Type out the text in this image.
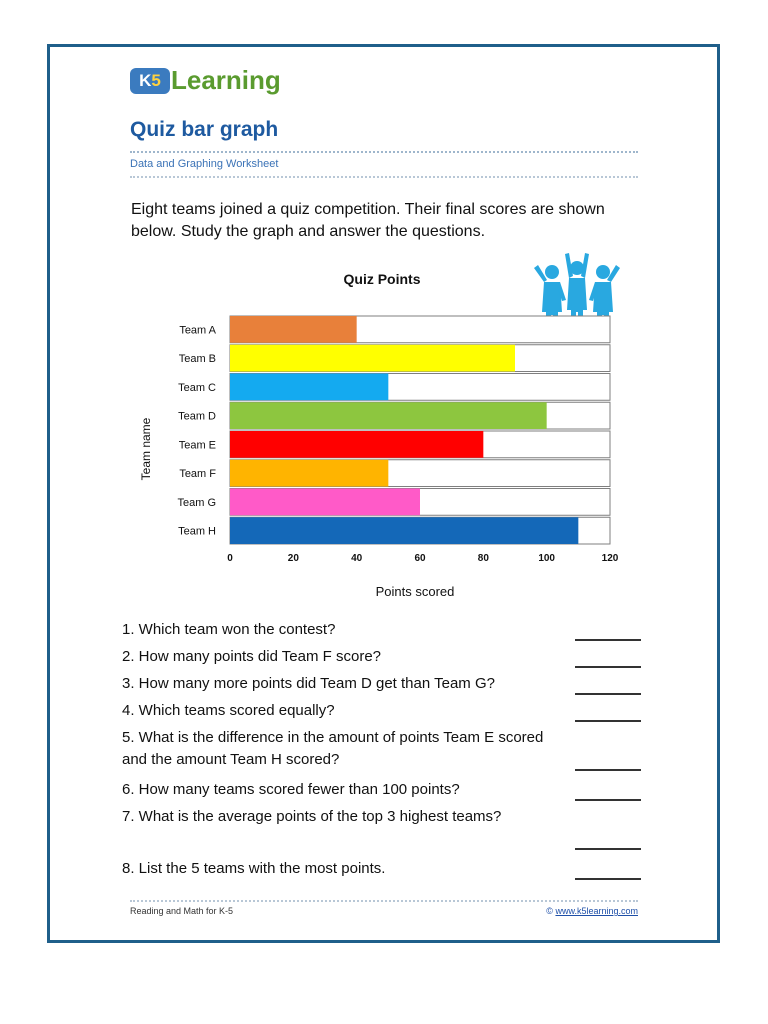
K5 Learning
Quiz bar graph
Data and Graphing Worksheet
Eight teams joined a quiz competition. Their final scores are shown below. Study the graph and answer the questions.
Quiz Points
Team name
Points scored
Team A
Team B
Team C
Team D
Team E
Team F
Team G
Team H
0	20	40	60	80	100	120
1. Which team won the contest?
2. How many points did Team F score?
3. How many more points did Team D get than Team G?
4. Which teams scored equally?
5. What is the difference in the amount of points Team E scored and the amount Team H scored?
6. How many teams scored fewer than 100 points?
7. What is the average points of the top 3 highest teams?
8. List the 5 teams with the most points.
Reading and Math for K-5	© www.k5learning.com
